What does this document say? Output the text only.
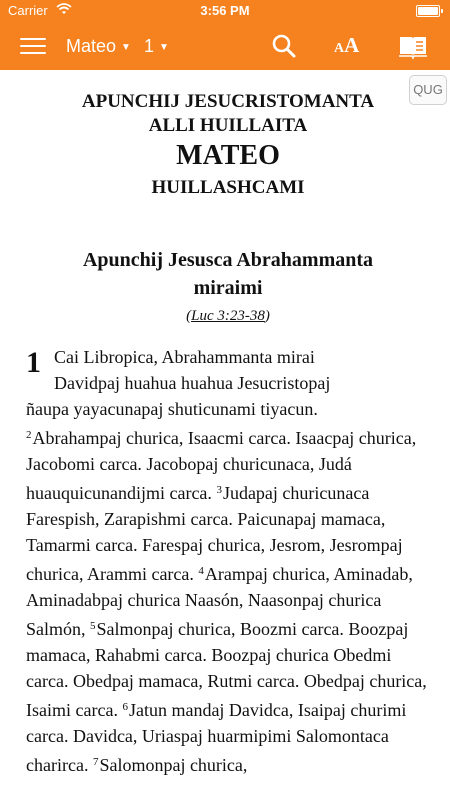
Carrier	3:56 PM
Mateo ▼ 1 ▼	AA
QUG
APUNCHIJ JESUCRISTOMANTA
ALLI HUILLAITA
MATEO
HUILLASHCAMI
Apunchij Jesusca Abrahammanta
miraimi
(Luc 3:23-38)
1 Cai Libropica, Abrahammanta mirai
Davidpaj huahua huahua Jesucristopaj
ñaupa yayacunapaj shuticunami tiyacun.
$^2$Abrahampaj churica, Isaacmi carca. Isaacpaj churica, Jacobomi carca. Jacobopaj churicunaca, Judá huauquicunandijmi carca. $^3$Judapaj churicunaca Farespish, Zarapishmi carca. Paicunapaj mamaca, Tamarmi carca. Farespaj churica, Jesrom, Jesrompaj churica, Arammi carca. $^4$Arampaj churica, Aminadab, Aminadabpaj churica Naasón, Naasonpaj churica Salmón, $^5$Salmonpaj churica, Boozmi carca. Boozpaj mamaca, Rahabmi carca. Boozpaj churica Obedmi carca. Obedpaj mamaca, Rutmi carca. Obedpaj churica, Isaimi carca. $^6$Jatun mandaj Davidca, Isaipaj churimi carca. Davidca, Uriaspaj huarmipimi Salomontaca charirca. $^7$Salomonpaj churica,
